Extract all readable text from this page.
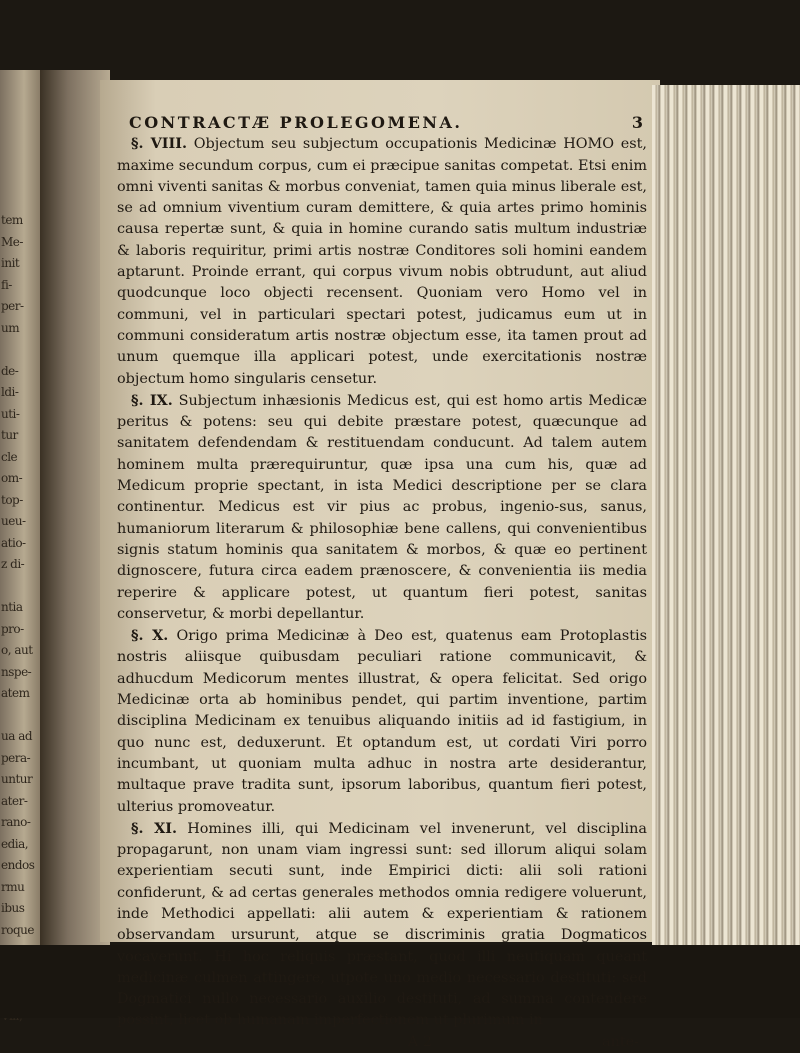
tem
Me-
init
fi-
per-
um

de-
ldi-
uti-
tur
cle
om-
top-
ueu-
atio-
z di-

ntia
pro-
o, aut
nspe-
atem

ua ad
pera-
untur
ater-
rano-
edia,
endos
rmu
ibus
roque

CONTRACTÆ PROLEGOMENA.	3

§. VIII. Objectum seu subjectum occupationis Medicinæ HOMO est, maxime secundum corpus, cum ei præcipue sanitas competat. Etsi enim omni viventi sanitas & morbus conveniat, tamen quia minus liberale est, se ad omnium viventium curam demittere, & quia artes primo hominis causa repertæ sunt, & quia in homine curando satis multum industriæ & laboris requiritur, primi artis nostræ Conditores soli homini eandem aptarunt. Proinde errant, qui corpus vivum nobis obtrudunt, aut aliud quodcunque loco objecti recensent. Quoniam vero Homo vel in communi, vel in particulari spectari potest, judicamus eum ut in communi consideratum artis nostræ objectum esse, ita tamen prout ad unum quemque illa applicari potest, unde exercitationis nostræ objectum homo singularis censetur.

§. IX. Subjectum inhæsionis Medicus est, qui est homo artis Medicæ peritus & potens: seu qui debite præstare potest, quæcunque ad sanitatem defendendam & restituendam conducunt. Ad talem autem hominem multa prærequiruntur, quæ ipsa una cum his, quæ ad Medicum proprie spectant, in ista Medici descriptione per se clara continentur. Medicus est vir pius ac probus, ingenio-sus, sanus, humaniorum literarum & philosophiæ bene callens, qui convenientibus signis statum hominis qua sanitatem & morbos, & quæ eo pertinent dignoscere, futura circa eadem prænoscere, & convenientia iis media reperire & applicare potest, ut quantum fieri potest, sanitas conservetur, & morbi depellantur.

§. X. Origo prima Medicinæ à Deo est, quatenus eam Protoplastis nostris aliisque quibusdam peculiari ratione communicavit, & adhucdum Medicorum mentes illustrat, & opera felicitat. Sed origo Medicinæ orta ab hominibus pendet, qui partim inventione, partim disciplina Medicinam ex tenuibus aliquando initiis ad id fastigium, in quo nunc est, deduxerunt. Et optandum est, ut cordati Viri porro incumbant, ut quoniam multa adhuc in nostra arte desiderantur, multaque prave tradita sunt, ipsorum laboribus, quantum fieri potest, ulterius promoveatur.

§. XI. Homines illi, qui Medicinam vel invenerunt, vel disciplina propagarunt, non unam viam ingressi sunt: sed illorum aliqui solam experientiam secuti sunt, inde Empirici dicti: alii soli rationi confiderunt, & ad certas generales methodos omnia redigere voluerunt, inde Methodici appellati: alii autem & experientiam & rationem observandam ursurunt, atque se discriminis gratia Dogmaticos vocaverunt. Hi hoc reliquis præstant, quod illi neutiquam queant medicinæ culmen attingere, utpote uno medio necessario destituti: sed Dogmatici nullo necessario auxilio destituti, ad summa contendere possint, licet ob humanam imperfectionem ut plurimum in

A 2	ante-
